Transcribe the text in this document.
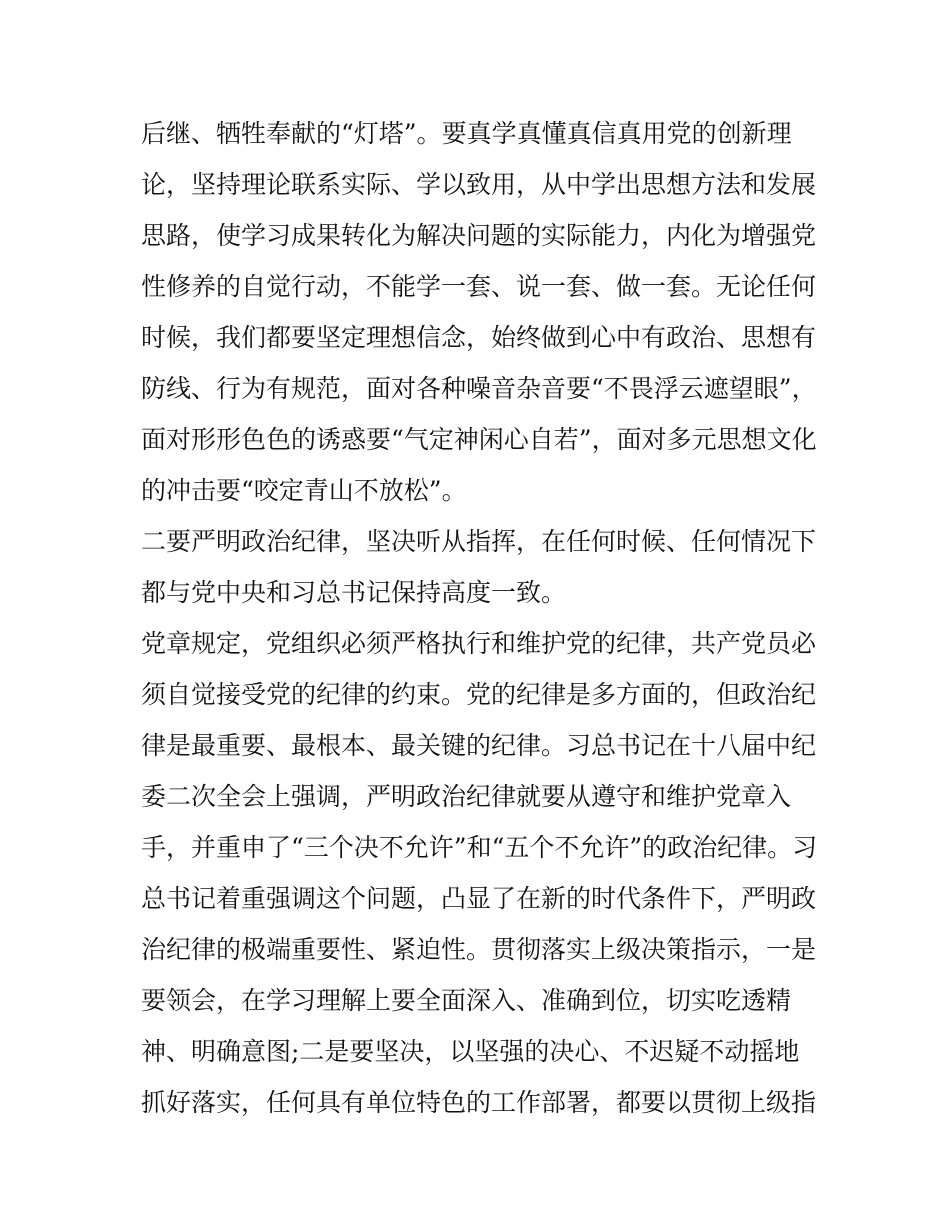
后继、牺牲奉献的“灯塔”。要真学真懂真信真用党的创新理
论，坚持理论联系实际、学以致用，从中学出思想方法和发展
思路，使学习成果转化为解决问题的实际能力，内化为增强党
性修养的自觉行动，不能学一套、说一套、做一套。无论任何
时候，我们都要坚定理想信念，始终做到心中有政治、思想有
防线、行为有规范，面对各种噪音杂音要“不畏浮云遮望眼”，
面对形形色色的诱惑要“气定神闲心自若”，面对多元思想文化
的冲击要“咬定青山不放松”。
二要严明政治纪律，坚决听从指挥，在任何时候、任何情况下
都与党中央和习总书记保持高度一致。
党章规定，党组织必须严格执行和维护党的纪律，共产党员必
须自觉接受党的纪律的约束。党的纪律是多方面的，但政治纪
律是最重要、最根本、最关键的纪律。习总书记在十八届中纪
委二次全会上强调，严明政治纪律就要从遵守和维护党章入
手，并重申了“三个决不允许”和“五个不允许”的政治纪律。习
总书记着重强调这个问题，凸显了在新的时代条件下，严明政
治纪律的极端重要性、紧迫性。贯彻落实上级决策指示，一是
要领会，在学习理解上要全面深入、准确到位，切实吃透精
神、明确意图;二是要坚决，以坚强的决心、不迟疑不动摇地
抓好落实，任何具有单位特色的工作部署，都要以贯彻上级指
